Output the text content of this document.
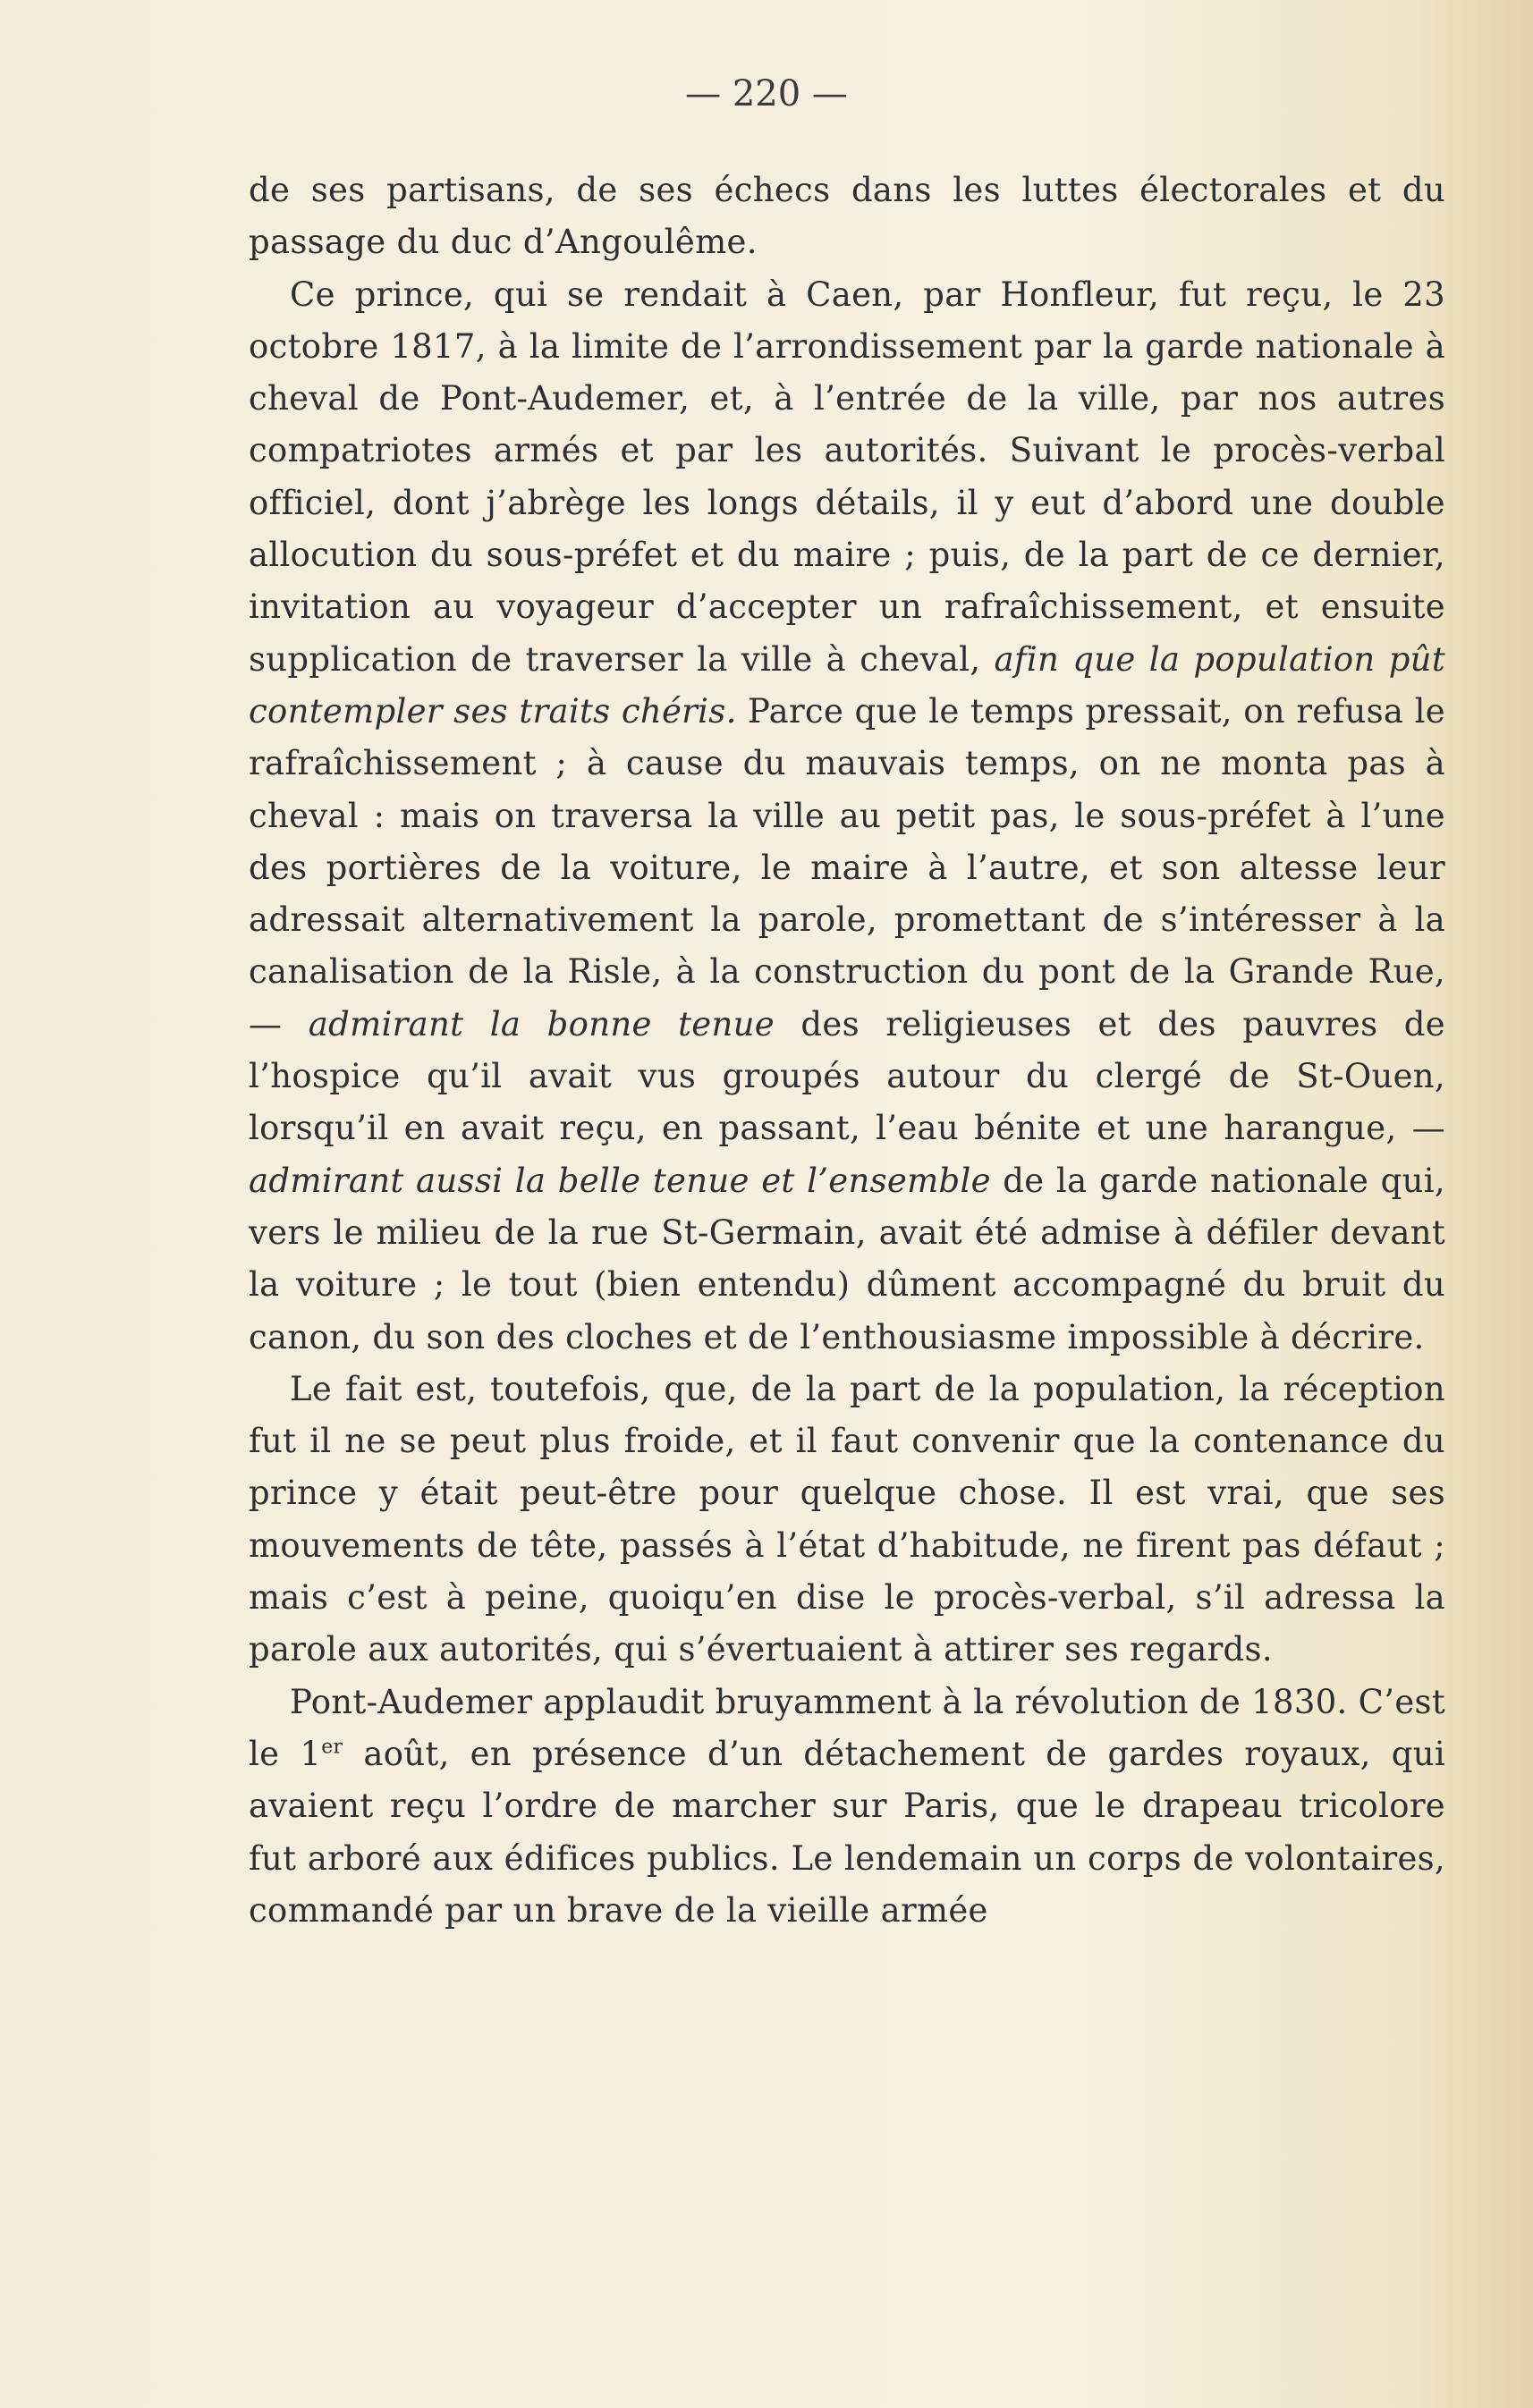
— 220 —

de ses partisans, de ses échecs dans les luttes électorales et du passage du duc d’Angoulême.

Ce prince, qui se rendait à Caen, par Honfleur, fut reçu, le 23 octobre 1817, à la limite de l’arrondissement par la garde nationale à cheval de Pont-Audemer, et, à l’entrée de la ville, par nos autres compatriotes armés et par les autorités. Suivant le procès-verbal officiel, dont j’abrège les longs détails, il y eut d’abord une double allocution du sous-préfet et du maire ; puis, de la part de ce dernier, invitation au voyageur d’accepter un rafraîchissement, et ensuite supplication de traverser la ville à cheval, afin que la population pût contempler ses traits chéris. Parce que le temps pressait, on refusa le rafraîchissement ; à cause du mauvais temps, on ne monta pas à cheval : mais on traversa la ville au petit pas, le sous-préfet à l’une des portières de la voiture, le maire à l’autre, et son altesse leur adressait alternativement la parole, promettant de s’intéresser à la canalisation de la Risle, à la construction du pont de la Grande Rue, — admirant la bonne tenue des religieuses et des pauvres de l’hospice qu’il avait vus groupés autour du clergé de St-Ouen, lorsqu’il en avait reçu, en passant, l’eau bénite et une harangue, — admirant aussi la belle tenue et l’ensemble de la garde nationale qui, vers le milieu de la rue St-Germain, avait été admise à défiler devant la voiture ; le tout (bien entendu) dûment accompagné du bruit du canon, du son des cloches et de l’enthousiasme impossible à décrire.

Le fait est, toutefois, que, de la part de la population, la réception fut il ne se peut plus froide, et il faut convenir que la contenance du prince y était peut-être pour quelque chose. Il est vrai, que ses mouvements de tête, passés à l’état d’habitude, ne firent pas défaut ; mais c’est à peine, quoiqu’en dise le procès-verbal, s’il adressa la parole aux autorités, qui s’évertuaient à attirer ses regards.

Pont-Audemer applaudit bruyamment à la révolution de 1830. C’est le 1er août, en présence d’un détachement de gardes royaux, qui avaient reçu l’ordre de marcher sur Paris, que le drapeau tricolore fut arboré aux édifices publics. Le lendemain un corps de volontaires, commandé par un brave de la vieille armée
